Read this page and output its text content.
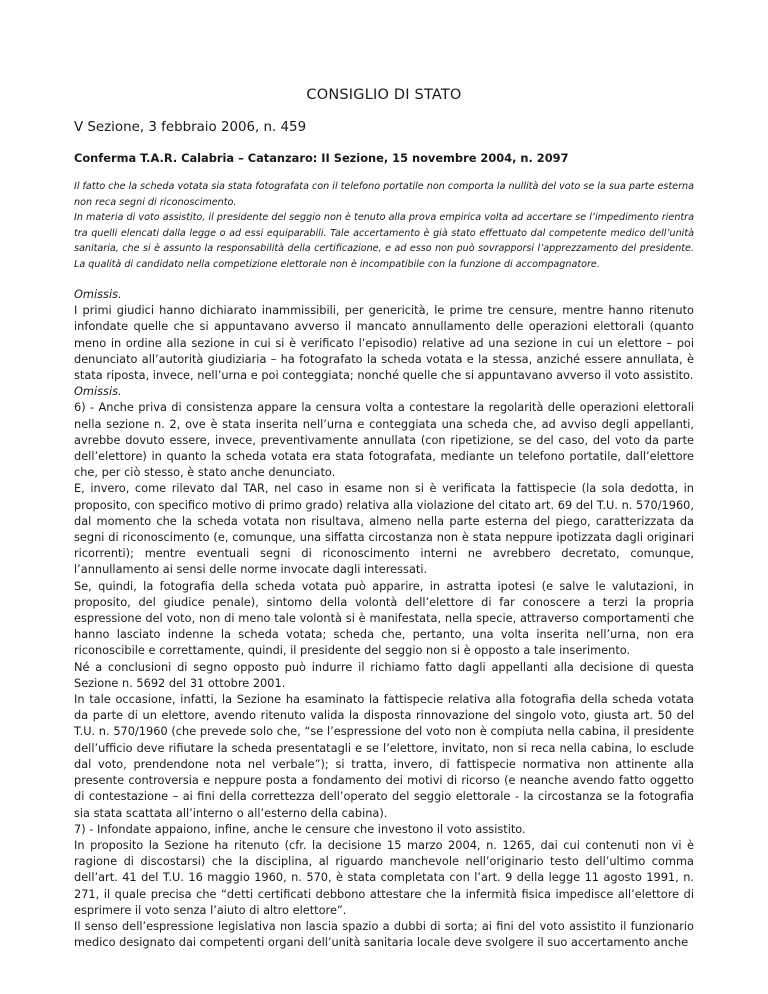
CONSIGLIO DI STATO
V Sezione, 3 febbraio 2006, n. 459
Conferma T.A.R. Calabria – Catanzaro: II Sezione, 15 novembre 2004, n. 2097

Il fatto che la scheda votata sia stata fotografata con il telefono portatile non comporta la nullità del voto se la sua parte esterna non reca segni di riconoscimento.

In materia di voto assistito, il presidente del seggio non è tenuto alla prova empirica volta ad accertare se l’impedimento rientra tra quelli elencati dalla legge o ad essi equiparabili. Tale accertamento è già stato effettuato dal competente medico dell’unità sanitaria, che si è assunto la responsabilità della certificazione, e ad esso non può sovrapporsi l’apprezzamento del presidente. La qualità di candidato nella competizione elettorale non è incompatibile con la funzione di accompagnatore.

Omissis.

I primi giudici hanno dichiarato inammissibili, per genericità, le prime tre censure, mentre hanno ritenuto infondate quelle che si appuntavano avverso il mancato annullamento delle operazioni elettorali (quanto meno in ordine alla sezione in cui si è verificato l’episodio) relative ad una sezione in cui un elettore – poi denunciato all’autorità giudiziaria – ha fotografato la scheda votata e la stessa, anziché essere annullata, è stata riposta, invece, nell’urna e poi conteggiata; nonché quelle che si appuntavano avverso il voto assistito.

Omissis.

6) - Anche priva di consistenza appare la censura volta a contestare la regolarità delle operazioni elettorali nella sezione n. 2, ove è stata inserita nell’urna e conteggiata una scheda che, ad avviso degli appellanti, avrebbe dovuto essere, invece, preventivamente annullata (con ripetizione, se del caso, del voto da parte dell’elettore) in quanto la scheda votata era stata fotografata, mediante un telefono portatile, dall’elettore che, per ciò stesso, è stato anche denunciato.

E, invero, come rilevato dal TAR, nel caso in esame non si è verificata la fattispecie (la sola dedotta, in proposito, con specifico motivo di primo grado) relativa alla violazione del citato art. 69 del T.U. n. 570/1960, dal momento che la scheda votata non risultava, almeno nella parte esterna del piego, caratterizzata da segni di riconoscimento (e, comunque, una siffatta circostanza non è stata neppure ipotizzata dagli originari ricorrenti); mentre eventuali segni di riconoscimento interni ne avrebbero decretato, comunque, l’annullamento ai sensi delle norme invocate dagli interessati.

Se, quindi, la fotografia della scheda votata può apparire, in astratta ipotesi (e salve le valutazioni, in proposito, del giudice penale), sintomo della volontà dell’elettore di far conoscere a terzi la propria espressione del voto, non di meno tale volontà si è manifestata, nella specie, attraverso comportamenti che hanno lasciato indenne la scheda votata; scheda che, pertanto, una volta inserita nell’urna, non era riconoscibile e correttamente, quindi, il presidente del seggio non si è opposto a tale inserimento.

Né a conclusioni di segno opposto può indurre il richiamo fatto dagli appellanti alla decisione di questa Sezione n. 5692 del 31 ottobre 2001.

In tale occasione, infatti, la Sezione ha esaminato la fattispecie relativa alla fotografia della scheda votata da parte di un elettore, avendo ritenuto valida la disposta rinnovazione del singolo voto, giusta art. 50 del T.U. n. 570/1960 (che prevede solo che, “se l’espressione del voto non è compiuta nella cabina, il presidente dell’ufficio deve rifiutare la scheda presentatagli e se l’elettore, invitato, non si reca nella cabina, lo esclude dal voto, prendendone nota nel verbale”); si tratta, invero, di fattispecie normativa non attinente alla presente controversia e neppure posta a fondamento dei motivi di ricorso (e neanche avendo fatto oggetto di contestazione – ai fini della correttezza dell’operato del seggio elettorale - la circostanza se la fotografia sia stata scattata all’interno o all’esterno della cabina).

7) - Infondate appaiono, infine, anche le censure che investono il voto assistito.

In proposito la Sezione ha ritenuto (cfr. la decisione 15 marzo 2004, n. 1265, dai cui contenuti non vi è ragione di discostarsi) che la disciplina, al riguardo manchevole nell’originario testo dell’ultimo comma dell’art. 41 del T.U. 16 maggio 1960, n. 570, è stata completata con l’art. 9 della legge 11 agosto 1991, n. 271, il quale precisa che “detti certificati debbono attestare che la infermità fisica impedisce all’elettore di esprimere il voto senza l’aiuto di altro elettore”.

Il senso dell’espressione legislativa non lascia spazio a dubbi di sorta; ai fini del voto assistito il funzionario medico designato dai competenti organi dell’unità sanitaria locale deve svolgere il suo accertamento anche
